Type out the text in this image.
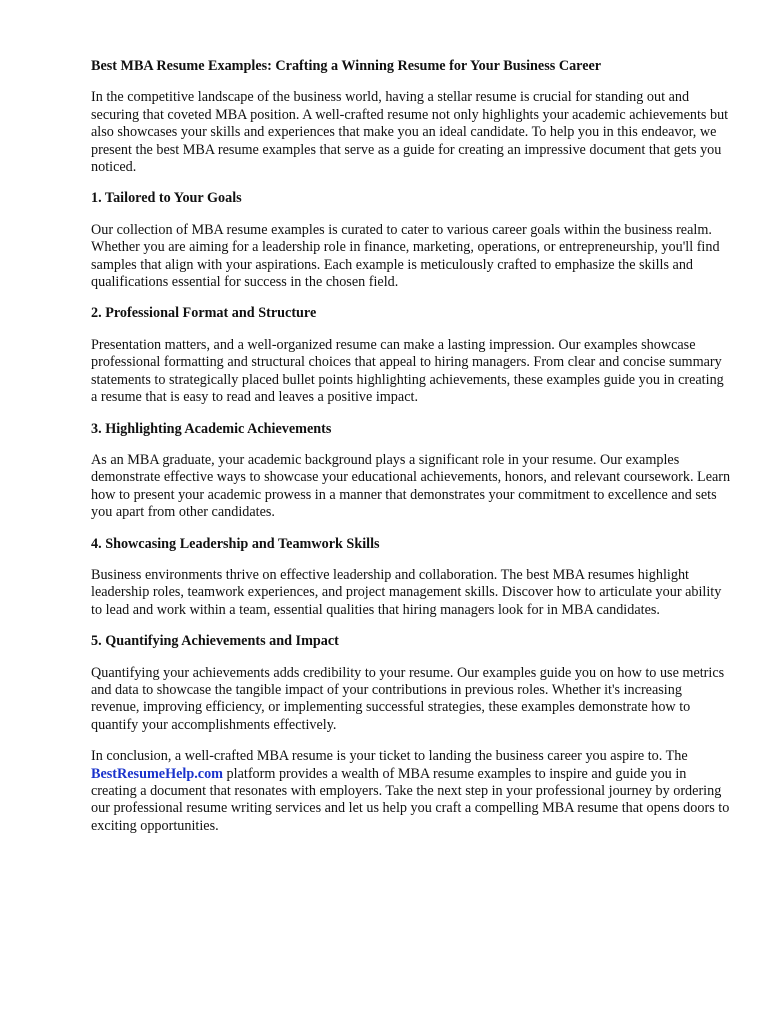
Best MBA Resume Examples: Crafting a Winning Resume for Your Business Career

In the competitive landscape of the business world, having a stellar resume is crucial for standing out and securing that coveted MBA position. A well-crafted resume not only highlights your academic achievements but also showcases your skills and experiences that make you an ideal candidate. To help you in this endeavor, we present the best MBA resume examples that serve as a guide for creating an impressive document that gets you noticed.

1. Tailored to Your Goals

Our collection of MBA resume examples is curated to cater to various career goals within the business realm. Whether you are aiming for a leadership role in finance, marketing, operations, or entrepreneurship, you'll find samples that align with your aspirations. Each example is meticulously crafted to emphasize the skills and qualifications essential for success in the chosen field.

2. Professional Format and Structure

Presentation matters, and a well-organized resume can make a lasting impression. Our examples showcase professional formatting and structural choices that appeal to hiring managers. From clear and concise summary statements to strategically placed bullet points highlighting achievements, these examples guide you in creating a resume that is easy to read and leaves a positive impact.

3. Highlighting Academic Achievements

As an MBA graduate, your academic background plays a significant role in your resume. Our examples demonstrate effective ways to showcase your educational achievements, honors, and relevant coursework. Learn how to present your academic prowess in a manner that demonstrates your commitment to excellence and sets you apart from other candidates.

4. Showcasing Leadership and Teamwork Skills

Business environments thrive on effective leadership and collaboration. The best MBA resumes highlight leadership roles, teamwork experiences, and project management skills. Discover how to articulate your ability to lead and work within a team, essential qualities that hiring managers look for in MBA candidates.

5. Quantifying Achievements and Impact

Quantifying your achievements adds credibility to your resume. Our examples guide you on how to use metrics and data to showcase the tangible impact of your contributions in previous roles. Whether it's increasing revenue, improving efficiency, or implementing successful strategies, these examples demonstrate how to quantify your accomplishments effectively.

In conclusion, a well-crafted MBA resume is your ticket to landing the business career you aspire to. The BestResumeHelp.com platform provides a wealth of MBA resume examples to inspire and guide you in creating a document that resonates with employers. Take the next step in your professional journey by ordering our professional resume writing services and let us help you craft a compelling MBA resume that opens doors to exciting opportunities.
